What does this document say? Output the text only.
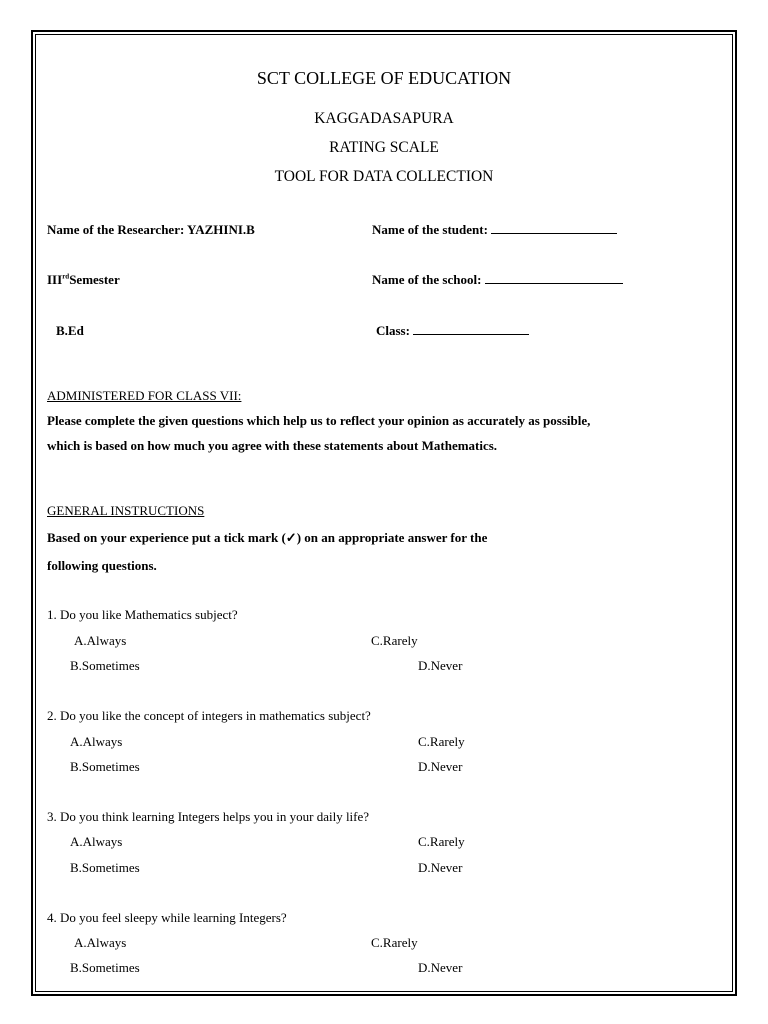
SCT COLLEGE OF EDUCATION
KAGGADASAPURA
RATING SCALE
TOOL FOR DATA COLLECTION
Name of the Researcher: YAZHINI.B	Name of the student:
IIIrdSemester	Name of the school:
B.Ed	Class:
ADMINISTERED FOR CLASS VII:
Please complete the given questions which help us to reflect your opinion as accurately as possible,
which is based on how much you agree with these statements about Mathematics.
GENERAL INSTRUCTIONS
Based on your experience put a tick mark (✓) on an appropriate answer for the
following questions.
1. Do you like Mathematics subject?
A.Always	C.Rarely
B.Sometimes	D.Never
2. Do you like the concept of integers in mathematics subject?
A.Always	C.Rarely
B.Sometimes	D.Never
3. Do you think learning Integers helps you in your daily life?
A.Always	C.Rarely
B.Sometimes	D.Never
4. Do you feel sleepy while learning Integers?
A.Always	C.Rarely
B.Sometimes	D.Never
